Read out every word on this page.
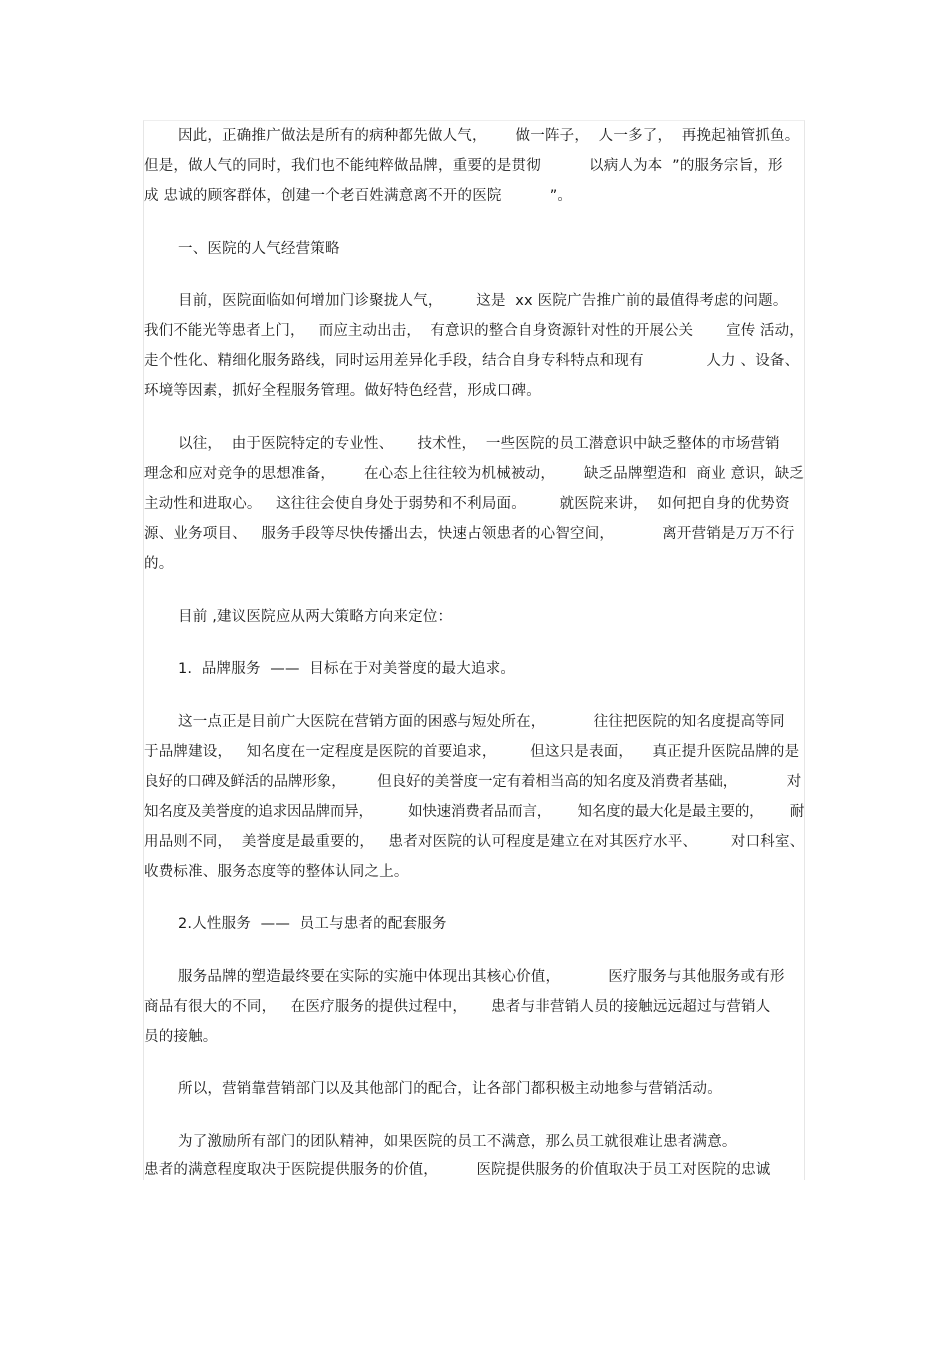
因此，正确推广做法是所有的病种都先做人气，      做一阵子，  人一多了，  再挽起袖管抓鱼。
但是，做人气的同时，我们也不能纯粹做品牌，重要的是贯彻          以病人为本  ”的服务宗旨，形
成 忠诚的顾客群体，创建一个老百姓满意离不开的医院          ”。
一、医院的人气经营策略
目前，医院面临如何增加门诊聚拢人气，       这是  xx 医院广告推广前的最值得考虑的问题。
我们不能光等患者上门，   而应主动出击，  有意识的整合自身资源针对性的开展公关       宣传 活动，
走个性化、精细化服务路线，同时运用差异化手段，结合自身专科特点和现有             人力 、设备、
环境等因素，抓好全程服务管理。做好特色经营，形成口碑。
以往，  由于医院特定的专业性、     技术性，  一些医院的员工潜意识中缺乏整体的市场营销
理念和应对竞争的思想准备，      在心态上往往较为机械被动，      缺乏品牌塑造和  商业 意识，缺乏
主动性和进取心。   这往往会使自身处于弱势和不利局面。       就医院来讲，  如何把自身的优势资
源、业务项目、   服务手段等尽快传播出去，快速占领患者的心智空间，          离开营销是万万不行
的。
目前 ,建议医院应从两大策略方向来定位：
1.  品牌服务  ——  目标在于对美誉度的最大追求。
这一点正是目前广大医院在营销方面的困惑与短处所在，          往往把医院的知名度提高等同
于品牌建设，   知名度在一定程度是医院的首要追求，       但这只是表面，    真正提升医院品牌的是
良好的口碑及鲜活的品牌形象，       但良好的美誉度一定有着相当高的知名度及消费者基础，           对
知名度及美誉度的追求因品牌而异，        如快速消费者品而言，      知名度的最大化是最主要的，      耐
用品则不同，  美誉度是最重要的，   患者对医院的认可程度是建立在对其医疗水平、       对口科室、
收费标准、服务态度等的整体认同之上。
2.人性服务  ——  员工与患者的配套服务
服务品牌的塑造最终要在实际的实施中体现出其核心价值，          医疗服务与其他服务或有形
商品有很大的不同，   在医疗服务的提供过程中，     患者与非营销人员的接触远远超过与营销人
员的接触。
所以，营销靠营销部门以及其他部门的配合，让各部门都积极主动地参与营销活动。
为了激励所有部门的团队精神，如果医院的员工不满意，那么员工就很难让患者满意。
患者的满意程度取决于医院提供服务的价值，        医院提供服务的价值取决于员工对医院的忠诚
